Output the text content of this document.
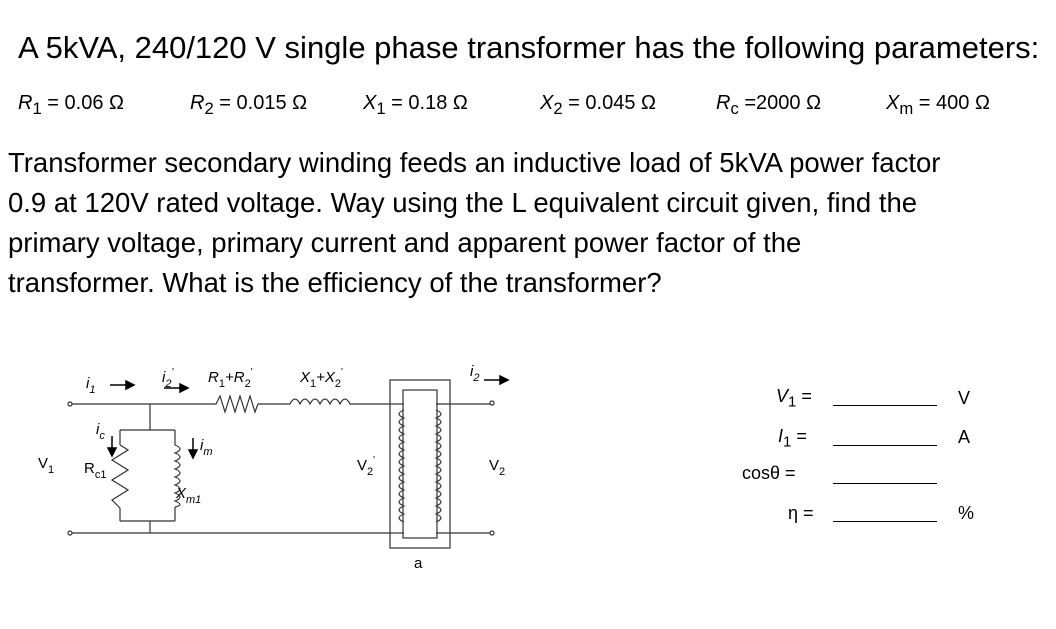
A 5kVA, 240/120 V single phase transformer has the following parameters:
$R_1 = 0.06$ Ω	$R_2 = 0.015$ Ω	$X_1 = 0.18$ Ω	$X_2 = 0.045$ Ω	$R_c =2000$ Ω	$X_m = 400$ Ω
Transformer secondary winding feeds an inductive load of 5kVA power factor
0.9 at 120V rated voltage. Way using the L equivalent circuit given, find the
primary voltage, primary current and apparent power factor of the
transformer. What is the efficiency of the transformer?
$i_1$
$i_2'$ $R_1+R_2'$	$X_1+X_2'$	$i_2$
$i_c$
$i_m$
$V_1$ $R_{c1}$
$X_{m1}$
$V_2'$	$V_2$
a
$V_1$ =	V
$I_1$ =	A
cosθ =
η =	%
